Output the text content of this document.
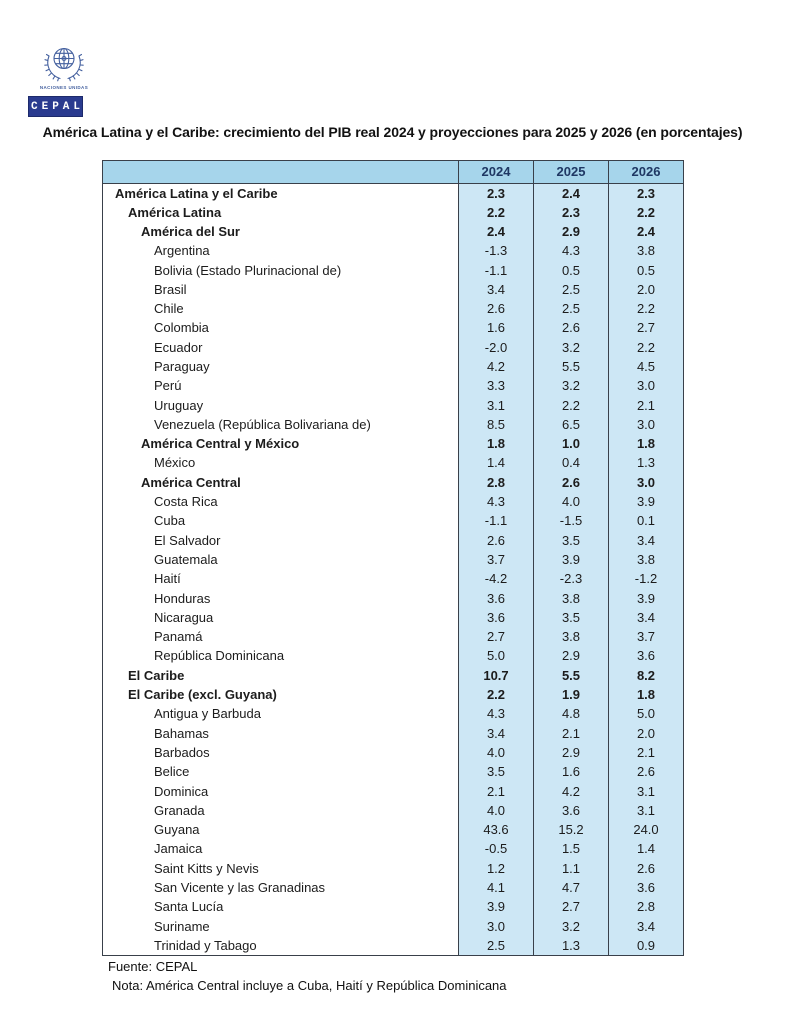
NACIONES UNIDAS
CEPAL
América Latina y el Caribe: crecimiento del PIB real 2024 y proyecciones para 2025 y 2026 (en porcentajes)
	2024	2025	2026
América Latina y el Caribe	2.3	2.4	2.3
América Latina	2.2	2.3	2.2
América del Sur	2.4	2.9	2.4
Argentina	-1.3	4.3	3.8
Bolivia (Estado Plurinacional de)	-1.1	0.5	0.5
Brasil	3.4	2.5	2.0
Chile	2.6	2.5	2.2
Colombia	1.6	2.6	2.7
Ecuador	-2.0	3.2	2.2
Paraguay	4.2	5.5	4.5
Perú	3.3	3.2	3.0
Uruguay	3.1	2.2	2.1
Venezuela (República Bolivariana de)	8.5	6.5	3.0
América Central y México	1.8	1.0	1.8
México	1.4	0.4	1.3
América Central	2.8	2.6	3.0
Costa Rica	4.3	4.0	3.9
Cuba	-1.1	-1.5	0.1
El Salvador	2.6	3.5	3.4
Guatemala	3.7	3.9	3.8
Haití	-4.2	-2.3	-1.2
Honduras	3.6	3.8	3.9
Nicaragua	3.6	3.5	3.4
Panamá	2.7	3.8	3.7
República Dominicana	5.0	2.9	3.6
El Caribe	10.7	5.5	8.2
El Caribe (excl. Guyana)	2.2	1.9	1.8
Antigua y Barbuda	4.3	4.8	5.0
Bahamas	3.4	2.1	2.0
Barbados	4.0	2.9	2.1
Belice	3.5	1.6	2.6
Dominica	2.1	4.2	3.1
Granada	4.0	3.6	3.1
Guyana	43.6	15.2	24.0
Jamaica	-0.5	1.5	1.4
Saint Kitts y Nevis	1.2	1.1	2.6
San Vicente y las Granadinas	4.1	4.7	3.6
Santa Lucía	3.9	2.7	2.8
Suriname	3.0	3.2	3.4
Trinidad y Tabago	2.5	1.3	0.9
Fuente: CEPAL
Nota: América Central incluye a Cuba, Haití y República Dominicana
